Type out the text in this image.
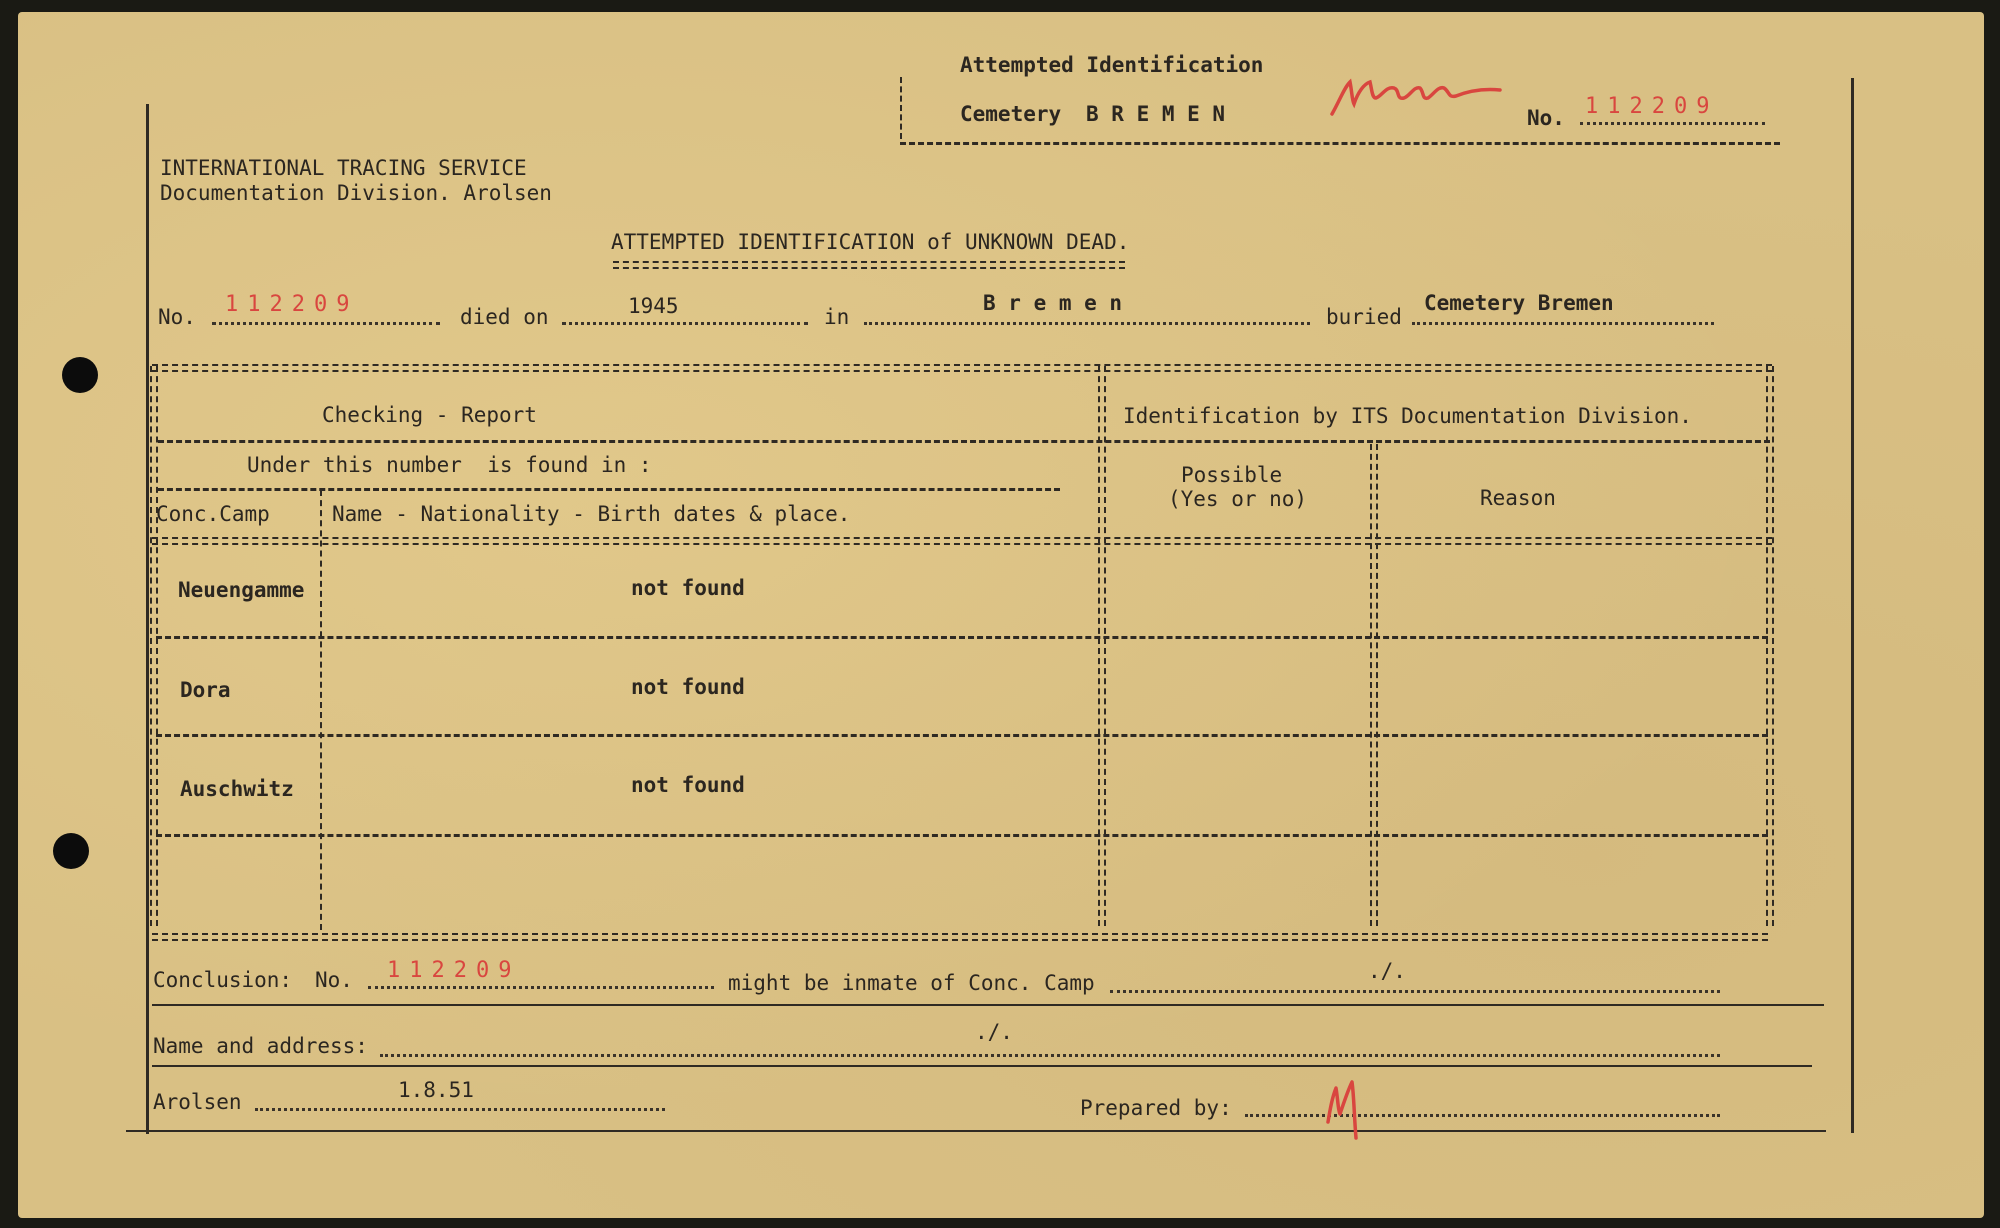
Attempted Identification
Cemetery B R E M E N	No. 112209
INTERNATIONAL TRACING SERVICE
Documentation Division. Arolsen
ATTEMPTED IDENTIFICATION of UNKNOWN DEAD.
No. 112209	died on	1945	in
B r e m e n
buried
Cemetery Bremen
Checking - Report	Identification by ITS Documentation Division.
Under this number  is found in :
Conc.Camp	Name - Nationality - Birth dates & place.
Possible
(Yes or no)	Reason
Neuengamme	not found
Dora	not found
Auschwitz	not found
Conclusion: No. 112209	might be inmate of Conc. Camp	./.
Name and address:
./.
Arolsen	1.8.51
Prepared by:
